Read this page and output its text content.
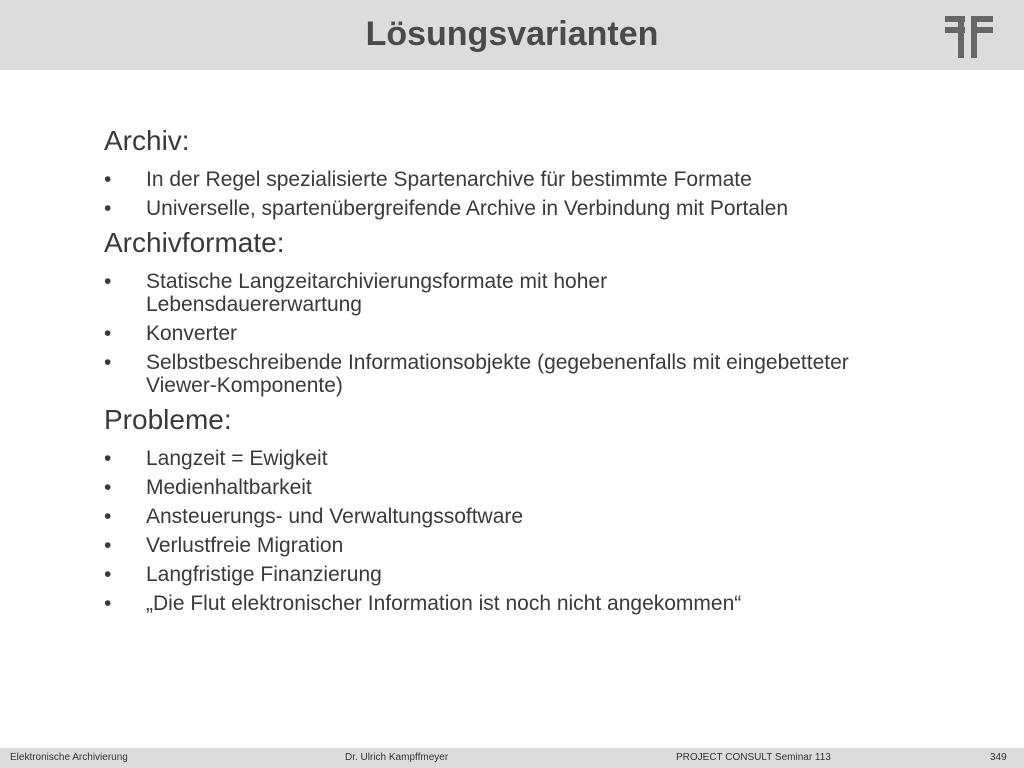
Lösungsvarianten
Archiv:
•	In der Regel spezialisierte Spartenarchive für bestimmte Formate
•	Universelle, spartenübergreifende Archive in Verbindung mit Portalen
Archivformate:
•	Statische Langzeitarchivierungsformate mit hoher Lebensdauererwartung
•	Konverter
•	Selbstbeschreibende Informationsobjekte (gegebenenfalls mit eingebetteter Viewer-Komponente)
Probleme:
•	Langzeit = Ewigkeit
•	Medienhaltbarkeit
•	Ansteuerungs- und Verwaltungssoftware
•	Verlustfreie Migration
•	Langfristige Finanzierung
•	„Die Flut elektronischer Information ist noch nicht angekommen“
Elektronische Archivierung	Dr. Ulrich Kampffmeyer	PROJECT CONSULT Seminar 113	349
